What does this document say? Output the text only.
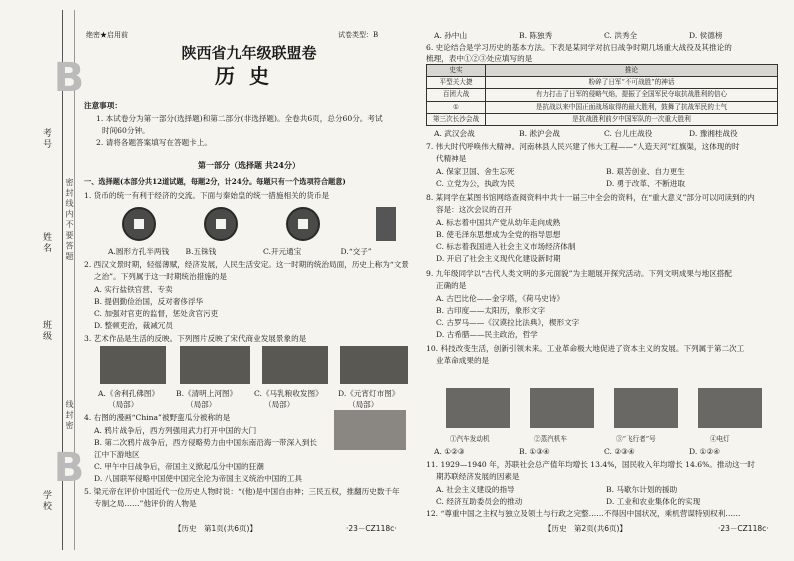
B
B
考号
姓名
班级
学校
密 封 线 内 不 要 答 题
线 封 密
绝密★启用前	试卷类型：B
陕西省九年级联盟卷
历史
注意事项：
1. 本试卷分为第一部分(选择题)和第二部分(非选择题)。全卷共6页，总分60分。考试
时间60分钟。
2. 请将各题答案填写在答题卡上。
第一部分（选择题 共24分）
一、选择题(本部分共12道试题，每题2分，计24分。每题只有一个选项符合题意)
1. 货币的统一有利于经济的交流。下面与秦始皇的统一措施相关的货币是
A.圆形方孔半两钱	B.五铢钱	C.开元通宝	D.“交子”
2. 西汉文景时期，轻徭薄赋，经济发展，人民生活安定。这一时期的统治局面，历史上称为“文景
之治”。下列属于这一时期统治措施的是
A. 实行盐铁官营、专卖
B. 提倡勤俭治国，反对奢侈浮华
C. 加强对官吏的监督，惩处贪官污吏
D. 整顿吏治，裁减冗员
3. 艺术作品是生活的反映。下列图片反映了宋代商业发展景象的是
A.《舍利孔佛图》 B.《清明上河图》 C.《马乳粮收发图》 D.《元宵灯市图》
（局部）	（局部）	（局部）	（局部）
4. 右图的漫画“China”被野蛮瓜分被称的是
A. 鸦片战争后，西方列强用武力打开中国的大门
B. 第二次鸦片战争后，西方侵略势力由中国东南沿海一带深入到长
江中下游地区
C. 甲午中日战争后，帝国主义掀起瓜分中国的狂潮
D. 八国联军侵略中国使中国完全沦为帝国主义统治中国的工具
5. 梁元帝在评价中国近代一位历史人物时说：“(他)是中国自由神；三民五权，推翻历史数千年
专制之局……”他评价的人物是
【历史　第1页(共6页)】	·23－CZ118c·
A. 孙中山	B. 陈独秀	C. 洪秀全	D. 侯德榜
6. 史论结合是学习历史的基本方法。下表是某同学对抗日战争时期几场重大战役及其推论的
梳理，表中①②③处应填写的是
史实	推论
平型关大捷	粉碎了日军“不可战胜”的神话
百团大战	有力打击了日军的侵略气焰，提振了全国军民夺取抗战胜利的信心
①	是抗战以来中国正面战场取得的最大胜利，鼓舞了抗战军民的士气
第三次长沙会战	是抗战胜利前夕中国军队的一次重大胜利
A. 武汉会战	B. 淞沪会战	C. 台儿庄战役	D. 豫湘桂战役
7. 伟大时代呼唤伟大精神。河南林县人民兴建了伟大工程——“人造天河”红旗渠，这体现的时
代精神是
A. 保家卫国、舍生忘死	B. 艰苦创业、自力更生
C. 立党为公，执政为民	D. 勇于改革、不断进取
8. 某同学在某图书馆网络查阅资料中共十一届三中全会的资料，在“重大意义”部分可以同读到的内
容是：这次会议的召开
A. 标志着中国共产党从幼年走向成熟
B. 使毛泽东思想成为全党的指导思想
C. 标志着我国进入社会主义市场经济体制
D. 开启了社会主义现代化建设新时期
9. 九年级同学以“古代人类文明的多元面貌”为主题展开探究活动。下列文明成果与地区搭配
正确的是
A. 古巴比伦——金字塔，《荷马史诗》
B. 古印度——太阳历，象形文字
C. 古罗马——《汉谟拉比法典》，楔形文字
D. 古希腊——民主政治，哲学
10. 科技改变生活，创新引领未来。工业革命极大地促进了资本主义的发展。下列属于第二次工
业革命成果的是
①汽车发动机	②蒸汽机车	③“飞行者”号	④电灯
A. ①②③	B. ①③④	C. ②③④	D. ①②④
11. 1929—1940 年，苏联社会总产值年均增长 13.4%，国民收入年均增长 14.6%。推动这一时
期苏联经济发展的因素是
A. 社会主义建设的指导	B. 马歇尔计划的援助
C. 经济互助委员会的推动	D. 工业和农业集体化的实现
12. “尊重中国之主权与独立及领土与行政之完整……不得因中国状况，乘机营谋特别权利……
【历史　第2页(共6页)】	·23－CZ118c·
